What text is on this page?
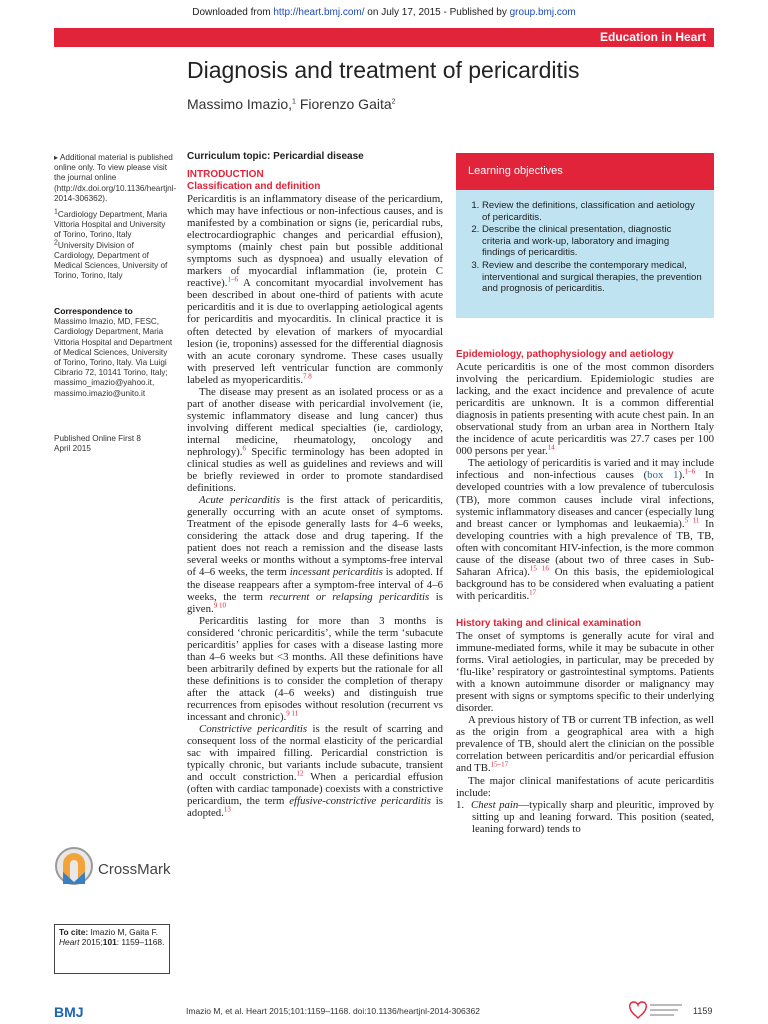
Downloaded from http://heart.bmj.com/ on July 17, 2015 - Published by group.bmj.com
Education in Heart
Diagnosis and treatment of pericarditis
Massimo Imazio,$^1$ Fiorenzo Gaita$^2$
▸ Additional material is published online only. To view please visit the journal online (http://dx.doi.org/10.1136/heartjnl-2014-306362).
$^1$Cardiology Department, Maria Vittoria Hospital and University of Torino, Torino, Italy
$^2$University Division of Cardiology, Department of Medical Sciences, University of Torino, Torino, Italy
Correspondence to
Massimo Imazio, MD, FESC, Cardiology Department, Maria Vittoria Hospital and Department of Medical Sciences, University of Torino, Torino, Italy. Via Luigi Cibrario 72, 10141 Torino, Italy; massimo_imazio@yahoo.it, massimo.imazio@unito.it
Published Online First 8 April 2015
CrossMark
To cite: Imazio M, Gaita F. Heart 2015;101: 1159–1168.

Curriculum topic: Pericardial disease

INTRODUCTION

Classification and definition

Pericarditis is an inflammatory disease of the pericardium, which may have infectious or non-infectious causes, and is manifested by a combination or signs (ie, pericardial rubs, electrocardiographic changes and pericardial effusion), symptoms (mainly chest pain but possible additional symptoms such as dyspnoea) and usually elevation of markers of myocardial inflammation (ie, protein C reactive).$^{1-6}$ A concomitant myocardial involvement has been described in about one-third of patients with acute pericarditis and it is due to overlapping aetiological agents for pericarditis and myocarditis. In clinical practice it is often detected by elevation of markers of myocardial lesion (ie, troponins) assessed for the differential diagnosis with an acute coronary syndrome. These cases usually with preserved left ventricular function are commonly labeled as myopericarditis.$^{7 8}$

The disease may present as an isolated process or as a part of another disease with pericardial involvement (ie, systemic inflammatory disease and lung cancer) thus involving different medical specialties (ie, cardiology, internal medicine, rheumatology, oncology and nephrology).$^6$ Specific terminology has been adopted in clinical studies as well as guidelines and reviews and will be briefly reviewed in order to promote standardised definitions.

Acute pericarditis is the first attack of pericarditis, generally occurring with an acute onset of symptoms. Treatment of the episode generally lasts for 4–6 weeks, considering the attack dose and drug tapering. If the patient does not reach a remission and the disease lasts several weeks or months without a symptoms-free interval of 4–6 weeks, the term incessant pericarditis is adopted. If the disease reappears after a symptom-free interval of 4–6 weeks, the term recurrent or relapsing pericarditis is given.$^{9 10}$

Pericarditis lasting for more than 3 months is considered ‘chronic pericarditis’, while the term ‘subacute pericarditis’ applies for cases with a disease lasting more than 4–6 weeks but <3 months. All these definitions have been arbitrarily defined by experts but the rationale for all these definitions is to consider the completion of therapy after the attack (4–6 weeks) and distinguish true recurrences from episodes without resolution (recurrent vs incessant and chronic).$^{9 11}$

Constrictive pericarditis is the result of scarring and consequent loss of the normal elasticity of the pericardial sac with impaired filling. Pericardial constriction is typically chronic, but variants include subacute, transient and occult constriction.$^{12}$ When a pericardial effusion (often with cardiac tamponade) coexists with a constrictive pericardium, the term effusive-constrictive pericarditis is adopted.$^{13}$

Learning objectives
1. Review the definitions, classification and aetiology of pericarditis.
2. Describe the clinical presentation, diagnostic criteria and work-up, laboratory and imaging findings of pericarditis.
3. Review and describe the contemporary medical, interventional and surgical therapies, the prevention and prognosis of pericarditis.

Epidemiology, pathophysiology and aetiology

Acute pericarditis is one of the most common disorders involving the pericardium. Epidemiologic studies are lacking, and the exact incidence and prevalence of acute pericarditis are unknown. It is a common differential diagnosis in patients presenting with acute chest pain. In an observational study from an urban area in Northern Italy the incidence of acute pericarditis was 27.7 cases per 100 000 persons per year.$^{14}$

The aetiology of pericarditis is varied and it may include infectious and non-infectious causes (box 1).$^{1-6}$ In developed countries with a low prevalence of tuberculosis (TB), more common causes include viral infections, systemic inflammatory diseases and cancer (especially lung and breast cancer or lymphomas and leukaemia).$^{5 11}$ In developing countries with a high prevalence of TB, TB, often with concomitant HIV-infection, is the more common cause of the disease (about two of three cases in Sub-Saharan Africa).$^{15 16}$ On this basis, the epidemiological background has to be considered when evaluating a patient with pericarditis.$^{17}$

History taking and clinical examination

The onset of symptoms is generally acute for viral and immune-mediated forms, while it may be subacute in other forms. Viral aetiologies, in particular, may be preceded by ‘flu-like’ respiratory or gastrointestinal symptoms. Patients with a known autoimmune disorder or malignancy may present with signs or symptoms specific to their underlying disorder.

A previous history of TB or current TB infection, as well as the origin from a geographical area with a high prevalence of TB, should alert the clinician on the possible correlation between pericarditis and/or pericardial effusion and TB.$^{15-17}$

The major clinical manifestations of acute pericarditis include:

1. Chest pain—typically sharp and pleuritic, improved by sitting up and leaning forward. This position (seated, leaning forward) tends to

BMJ	Imazio M, et al. Heart 2015;101:1159–1168. doi:10.1136/heartjnl-2014-306362	1159
